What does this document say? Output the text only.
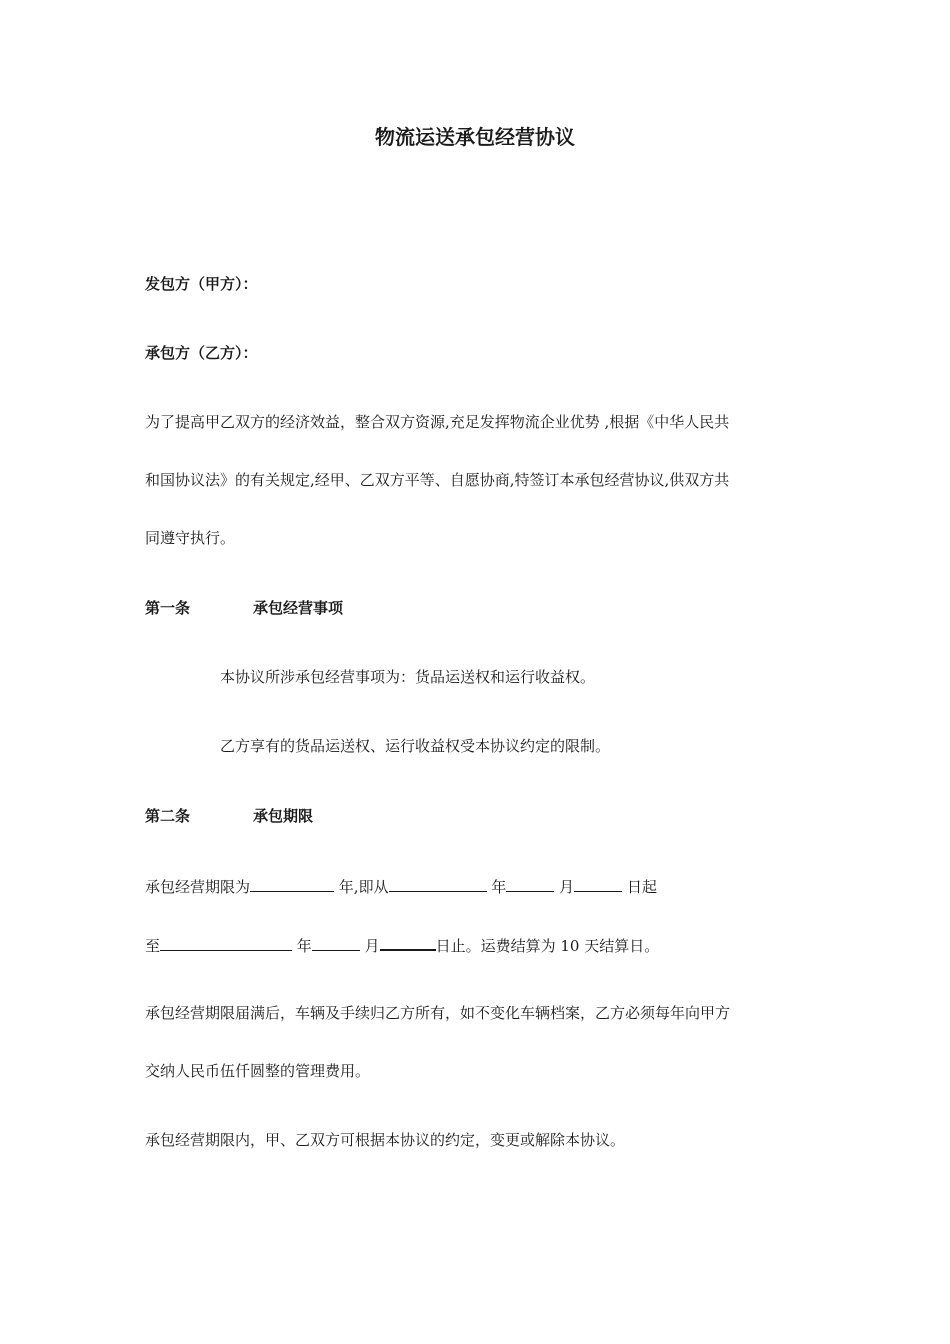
物流运送承包经营协议
发包方（甲方）：
承包方（乙方）：
为了提高甲乙双方的经济效益，整合双方资源,充足发挥物流企业优势 ,根据《中华人民共
和国协议法》的有关规定,经甲、乙双方平等、自愿协商,特签订本承包经营协议,供双方共
同遵守执行。
第一条	承包经营事项
本协议所涉承包经营事项为：货品运送权和运行收益权。
乙方享有的货品运送权、运行收益权受本协议约定的限制。
第二条	承包期限
承包经营期限为	年,即从	年	月	日起
至	年	月	日止。运费结算为 10 天结算日。
承包经营期限届满后，车辆及手续归乙方所有，如不变化车辆档案，乙方必须每年向甲方
交纳人民币伍仟圆整的管理费用。
承包经营期限内，甲、乙双方可根据本协议的约定，变更或解除本协议。
